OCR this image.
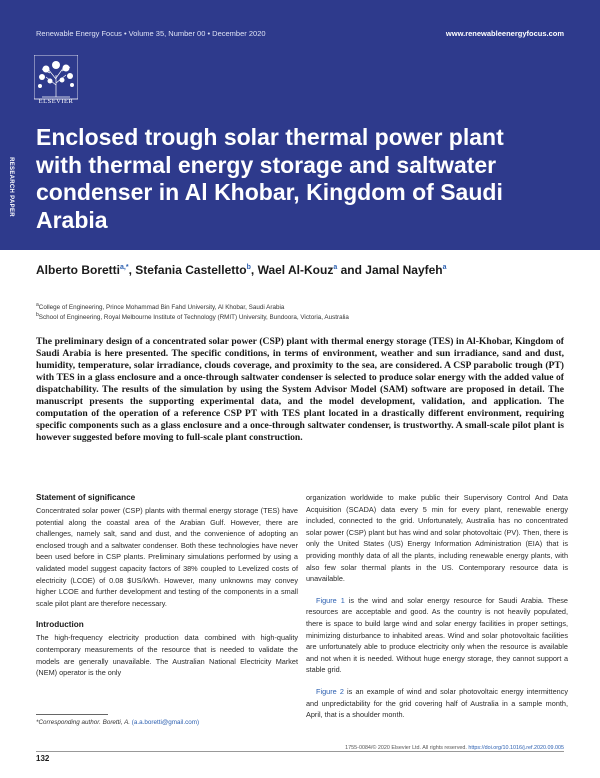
Renewable Energy Focus • Volume 35, Number 00 • December 2020	www.renewableenergyfocus.com
ELSEVIER
RESEARCH PAPER
Enclosed trough solar thermal power plant with thermal energy storage and saltwater condenser in Al Khobar, Kingdom of Saudi Arabia
Alberto Boretti$^{a,*}$, Stefania Castelletto$^b$, Wael Al-Kouz$^a$ and Jamal Nayfeh$^a$
$^a$College of Engineering, Prince Mohammad Bin Fahd University, Al Khobar, Saudi Arabia
$^b$School of Engineering, Royal Melbourne Institute of Technology (RMIT) University, Bundoora, Victoria, Australia

The preliminary design of a concentrated solar power (CSP) plant with thermal energy storage (TES) in Al-Khobar, Kingdom of Saudi Arabia is here presented. The specific conditions, in terms of environment, weather and sun irradiance, sand and dust, humidity, temperature, solar irradiance, clouds coverage, and proximity to the sea, are considered. A CSP parabolic trough (PT) with TES in a glass enclosure and a once-through saltwater condenser is selected to produce solar energy with the added value of dispatchability. The results of the simulation by using the System Advisor Model (SAM) software are proposed in detail. The manuscript presents the supporting experimental data, and the model development, validation, and application. The computation of the operation of a reference CSP PT with TES plant located in a drastically different environment, requiring specific components such as a glass enclosure and a once-through saltwater condenser, is trustworthy. A small-scale pilot plant is however suggested before moving to full-scale plant construction.

Statement of significance

Concentrated solar power (CSP) plants with thermal energy storage (TES) have potential along the coastal area of the Arabian Gulf. However, there are challenges, namely salt, sand and dust, and the convenience of adopting an enclosed trough and a saltwater condenser. Both these technologies have never been used before in CSP plants. Preliminary simulations performed by using a validated model suggest capacity factors of 38% coupled to Levelized costs of electricity (LCOE) of 0.08 $US/kWh. However, many unknowns may convey higher LCOE and further development and testing of the components in a small scale pilot plant are therefore necessary.

Introduction

The high-frequency electricity production data combined with high-quality contemporary measurements of the resource that is needed to validate the models are generally unavailable. The Australian National Electricity Market (NEM) operator is the only

organization worldwide to make public their Supervisory Control And Data Acquisition (SCADA) data every 5 min for every plant, renewable energy included, connected to the grid. Unfortunately, Australia has no concentrated solar power (CSP) plant but has wind and solar photovoltaic (PV). Then, there is only the United States (US) Energy Information Administration (EIA) that is providing monthly data of all the plants, including renewable energy plants, with also few solar thermal plants in the US. Contemporary resource data is unavailable.

Figure 1 is the wind and solar energy resource for Saudi Arabia. These resources are acceptable and good. As the country is not heavily populated, there is space to build large wind and solar energy facilities in proper settings, minimizing disturbance to inhabited areas. Wind and solar photovoltaic facilities are unfortunately able to produce electricity only when the resource is available and not when it is needed. Without huge energy storage, they cannot support a stable grid.

Figure 2 is an example of wind and solar photovoltaic energy intermittency and unpredictability for the grid covering half of Australia in a sample month, April, that is a shoulder month.

*Corresponding author. Boretti, A. (a.a.boretti@gmail.com)
1755-0084/© 2020 Elsevier Ltd. All rights reserved. https://doi.org/10.1016/j.ref.2020.09.005
132
